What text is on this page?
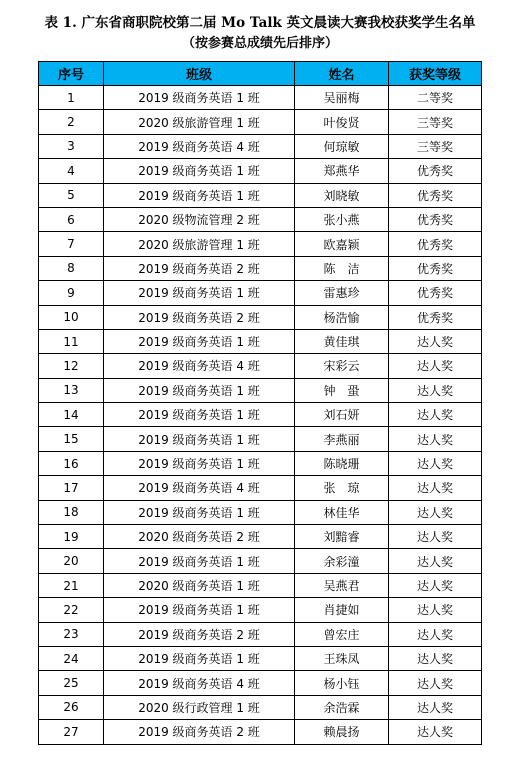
表 1. 广东省商职院校第二届 Mo Talk 英文晨读大赛我校获奖学生名单
（按参赛总成绩先后排序）
序号	班级	姓名	获奖等级
1	2019 级商务英语 1 班	吴丽梅	二等奖
2	2020 级旅游管理 1 班	叶俊贤	三等奖
3	2019 级商务英语 4 班	何琼敏	三等奖
4	2019 级商务英语 1 班	郑燕华	优秀奖
5	2019 级商务英语 1 班	刘晓敏	优秀奖
6	2020 级物流管理 2 班	张小燕	优秀奖
7	2020 级旅游管理 1 班	欧嘉颖	优秀奖
8	2019 级商务英语 2 班	陈　洁	优秀奖
9	2019 级商务英语 1 班	雷惠珍	优秀奖
10	2019 级商务英语 2 班	杨浩愉	优秀奖
11	2019 级商务英语 1 班	黄佳琪	达人奖
12	2019 级商务英语 4 班	宋彩云	达人奖
13	2019 级商务英语 1 班	钟　蛩	达人奖
14	2019 级商务英语 1 班	刘石妍	达人奖
15	2019 级商务英语 1 班	李燕丽	达人奖
16	2019 级商务英语 1 班	陈晓珊	达人奖
17	2019 级商务英语 4 班	张　琼	达人奖
18	2019 级商务英语 1 班	林佳华	达人奖
19	2020 级商务英语 2 班	刘黯睿	达人奖
20	2019 级商务英语 1 班	余彩潼	达人奖
21	2020 级商务英语 1 班	吴燕君	达人奖
22	2019 级商务英语 1 班	肖捷如	达人奖
23	2019 级商务英语 2 班	曾宏庄	达人奖
24	2019 级商务英语 1 班	王珠凤	达人奖
25	2019 级商务英语 4 班	杨小钰	达人奖
26	2020 级行政管理 1 班	余浩霖	达人奖
27	2019 级商务英语 2 班	赖晨扬	达人奖
